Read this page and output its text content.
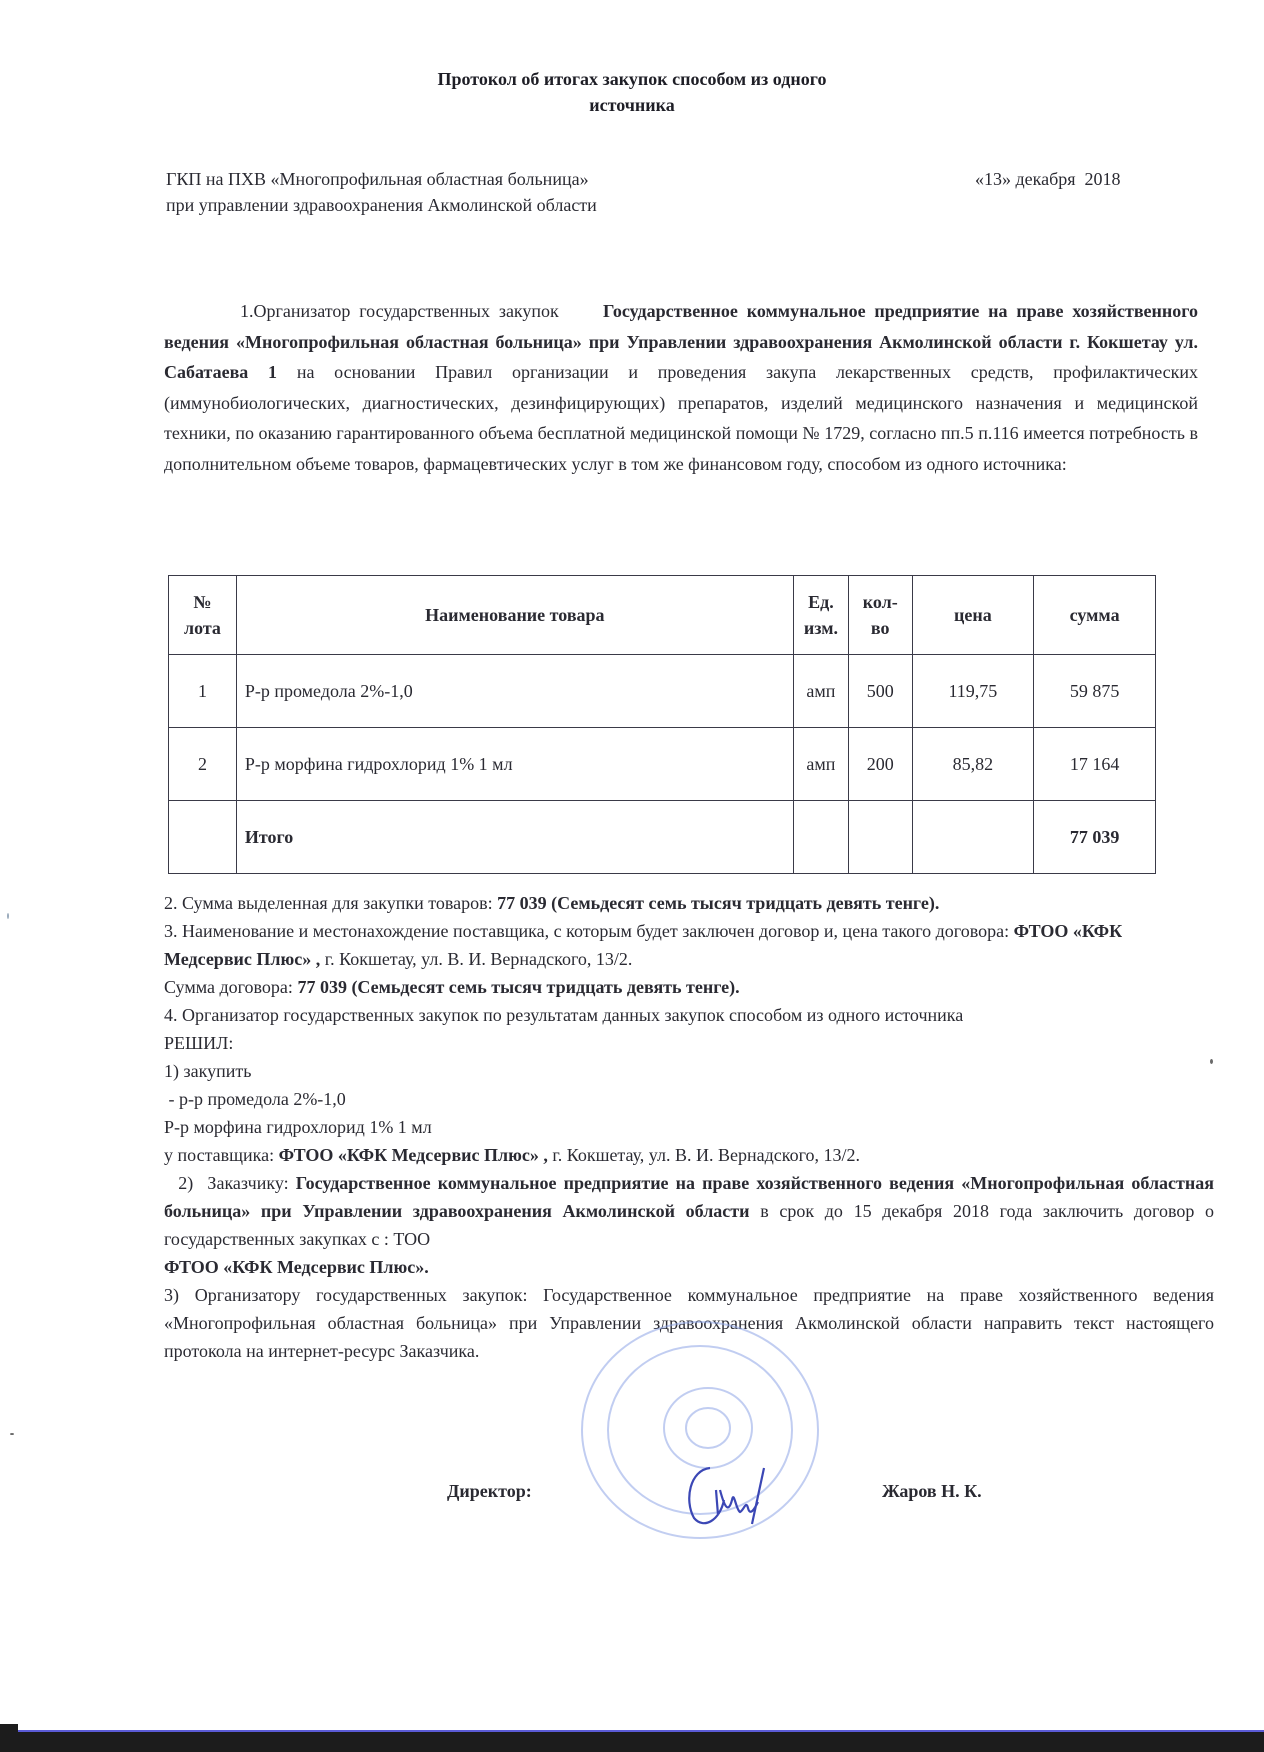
Протокол об итогах закупок способом из одного
источника
ГКП на ПХВ «Многопрофильная областная больница»
при управлении здравоохранения Акмолинской области
«13» декабря  2018
1.Организатор государственных закупок Государственное коммунальное предприятие на праве хозяйственного ведения «Многопрофильная областная больница» при Управлении здравоохранения Акмолинской области г. Кокшетау ул. Сабатаева 1 на основании Правил организации и проведения закупа лекарственных средств, профилактических (иммунобиологических, диагностических, дезинфицирующих) препаратов, изделий медицинского назначения и медицинской техники, по оказанию гарантированного объема бесплатной медицинской помощи № 1729, согласно пп.5 п.116 имеется потребность в дополнительном объеме товаров, фармацевтических услуг в том же финансовом году, способом из одного источника:
№ лота	Наименование товара	Ед. изм.	кол-во	цена	сумма
1	Р-р промедола 2%-1,0	амп	500	119,75	59 875
2	Р-р морфина гидрохлорид 1% 1 мл	амп	200	85,82	17 164
	Итого				77 039

2. Сумма выделенная для закупки товаров: 77 039 (Семьдесят семь тысяч тридцать девять тенге).

3. Наименование и местонахождение поставщика, с которым будет заключен договор и, цена такого договора: ФТОО «КФК Медсервис Плюс» , г. Кокшетау, ул. В. И. Вернадского, 13/2.

Сумма договора: 77 039 (Семьдесят семь тысяч тридцать девять тенге).

4. Организатор государственных закупок по результатам данных закупок способом из одного источника

РЕШИЛ:

1) закупить

- р-р промедола 2%-1,0

Р-р морфина гидрохлорид 1% 1 мл

у поставщика: ФТОО «КФК Медсервис Плюс» , г. Кокшетау, ул. В. И. Вернадского, 13/2.

2)  Заказчику: Государственное коммунальное предприятие на праве хозяйственного ведения «Многопрофильная областная больница» при Управлении здравоохранения Акмолинской области в срок до 15 декабря 2018 года заключить договор о государственных закупках с : ТОО

ФТОО «КФК Медсервис Плюс».

3) Организатору государственных закупок: Государственное коммунальное предприятие на праве хозяйственного ведения «Многопрофильная областная больница» при Управлении здравоохранения Акмолинской области направить текст настоящего протокола на интернет-ресурс Заказчика.

Директор:	Жаров Н. К.
